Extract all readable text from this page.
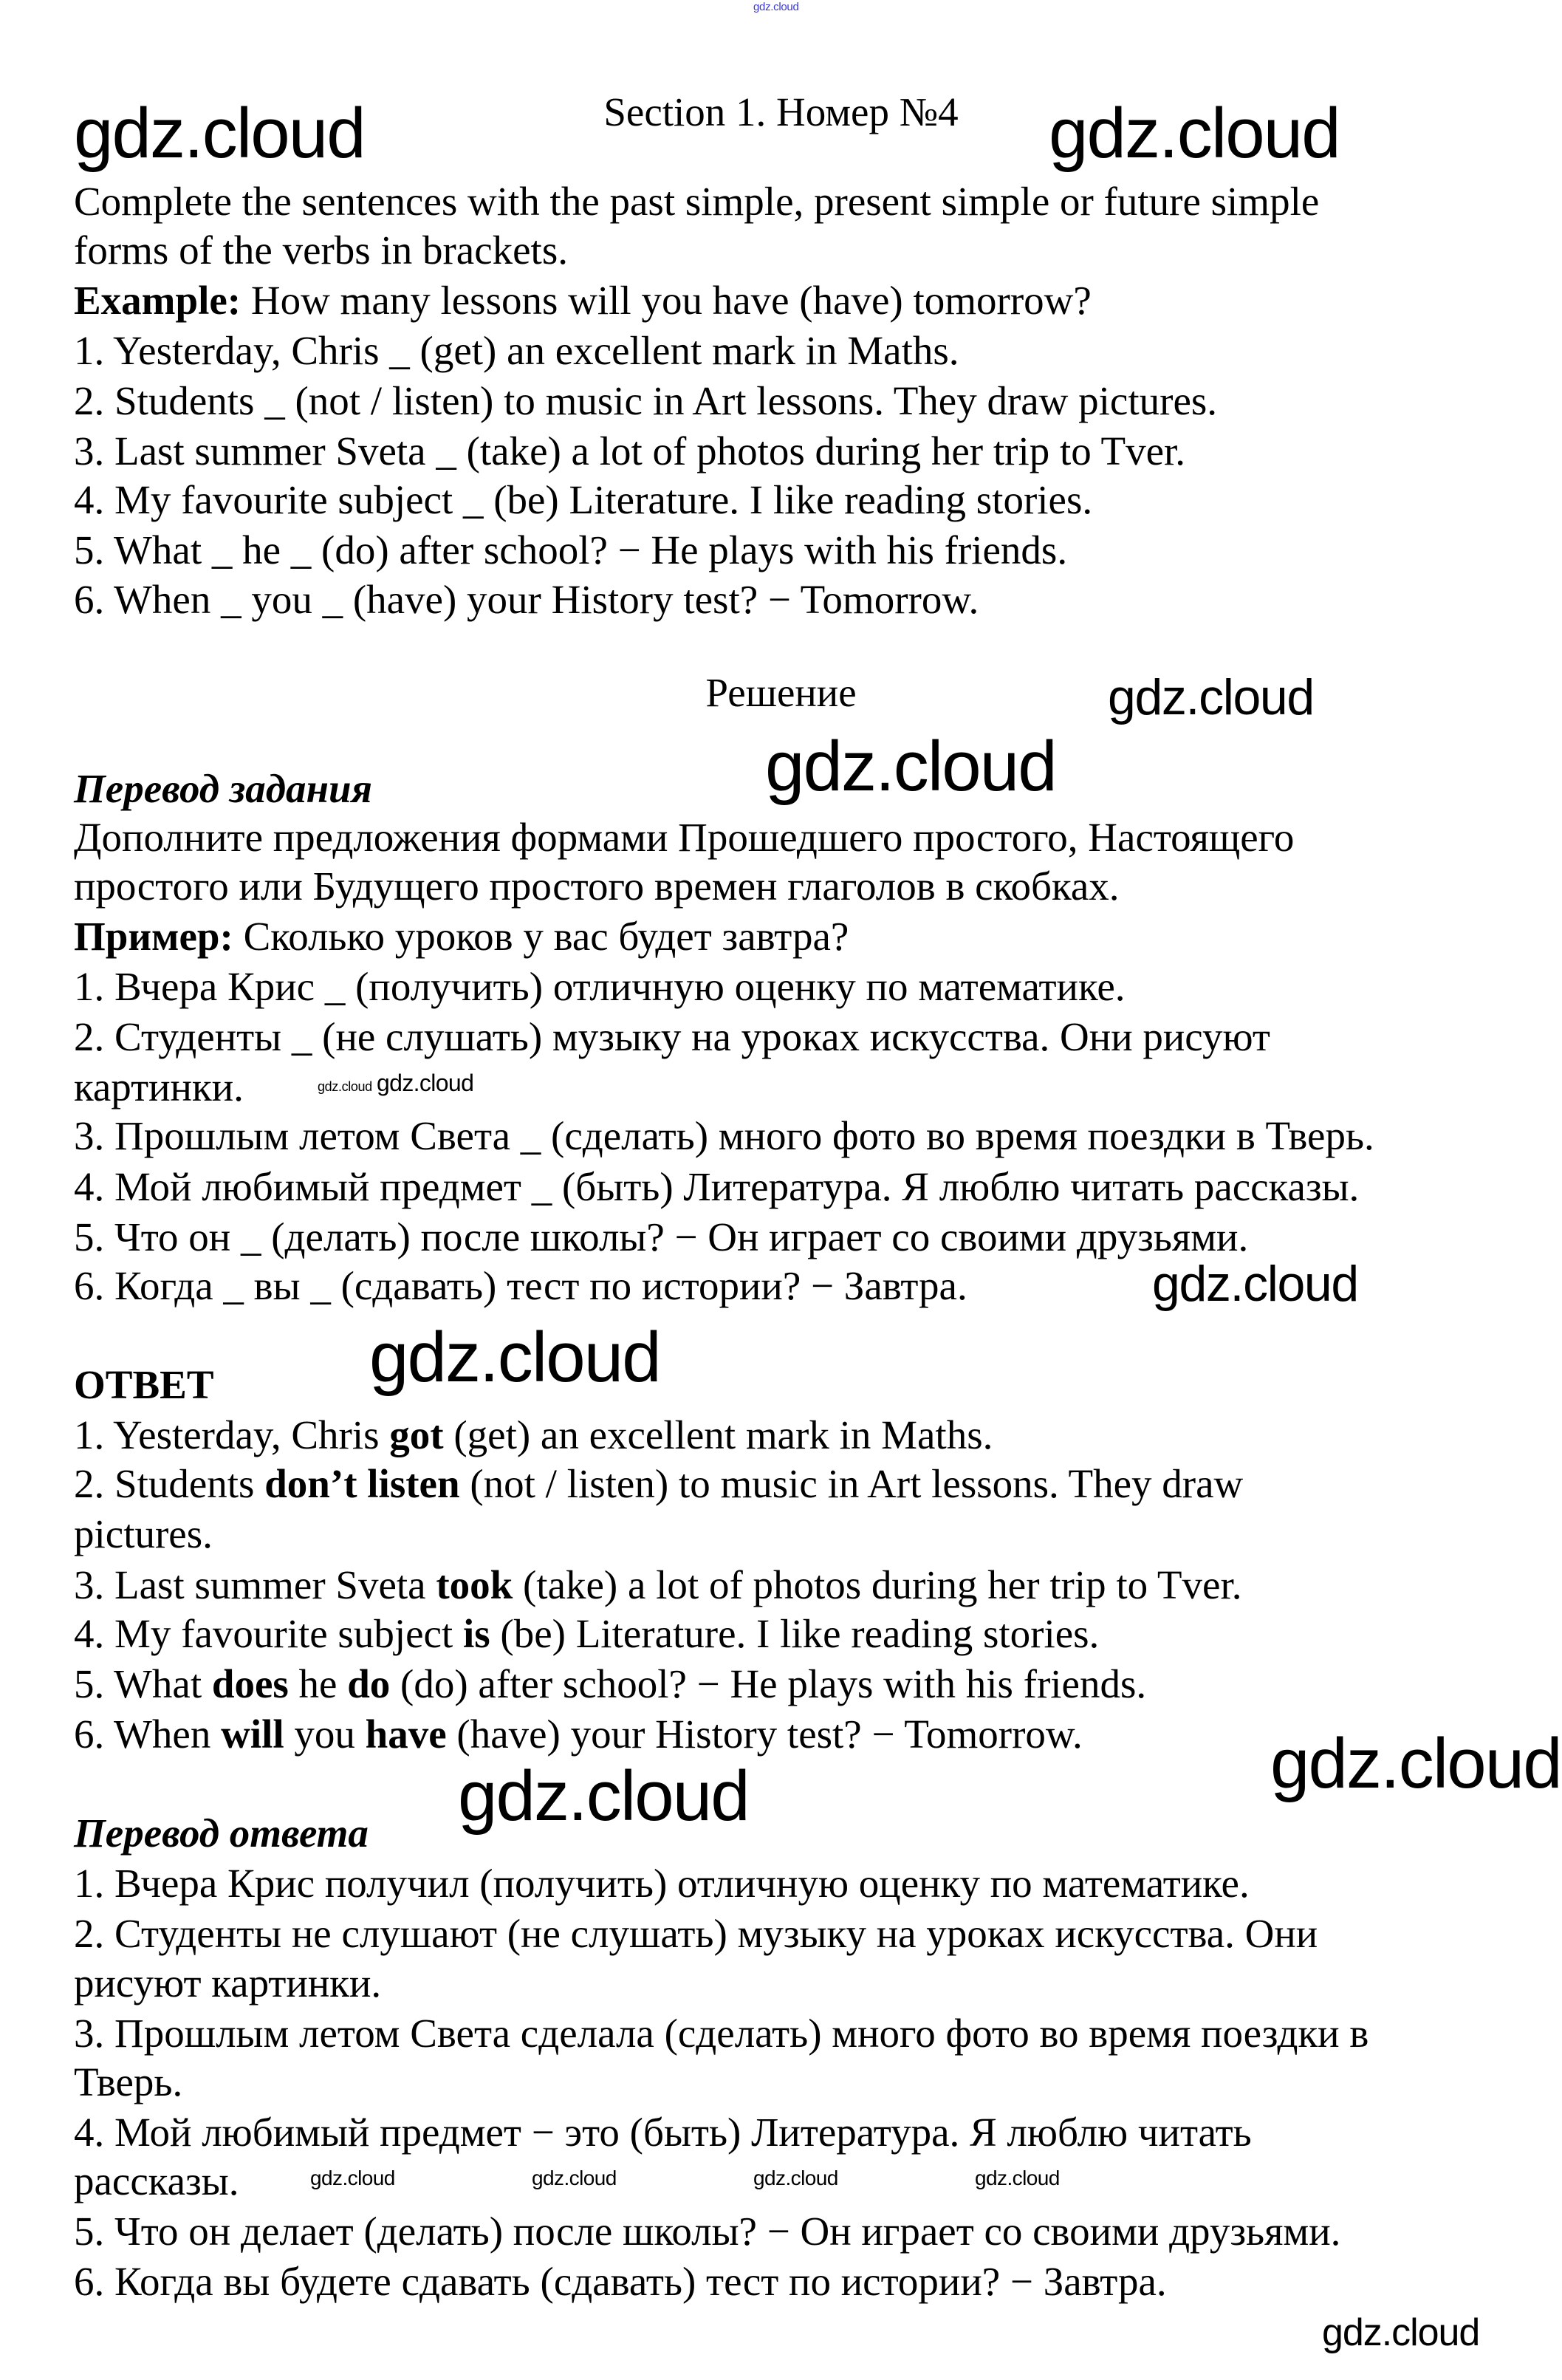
gdz.cloud
Section 1. Номер №4
Complete the sentences with the past simple, present simple or future simple
forms of the verbs in brackets.
Example: How many lessons will you have (have) tomorrow?
1. Yesterday, Chris _ (get) an excellent mark in Maths.
2. Students _ (not / listen) to music in Art lessons. They draw pictures.
3. Last summer Sveta _ (take) a lot of photos during her trip to Tver.
4. My favourite subject _ (be) Literature. I like reading stories.
5. What _ he _ (do) after school? − He plays with his friends.
6. When _ you _ (have) your History test? − Tomorrow.
Решение
Перевод задания
Дополните предложения формами Прошедшего простого, Настоящего
простого или Будущего простого времен глаголов в скобках.
Пример: Сколько уроков у вас будет завтра?
1. Вчера Крис _ (получить) отличную оценку по математике.
2. Студенты _ (не слушать) музыку на уроках искусства. Они рисуют
картинки.
3. Прошлым летом Света _ (сделать) много фото во время поездки в Тверь.
4. Мой любимый предмет _ (быть) Литература. Я люблю читать рассказы.
5. Что он _ (делать) после школы? − Он играет со своими друзьями.
6. Когда _ вы _ (сдавать) тест по истории? − Завтра.
ОТВЕТ
1. Yesterday, Chris got (get) an excellent mark in Maths.
2. Students don’t listen (not / listen) to music in Art lessons. They draw
pictures.
3. Last summer Sveta took (take) a lot of photos during her trip to Tver.
4. My favourite subject is (be) Literature. I like reading stories.
5. What does he do (do) after school? − He plays with his friends.
6. When will you have (have) your History test? − Tomorrow.
Перевод ответа
1. Вчера Крис получил (получить) отличную оценку по математике.
2. Студенты не слушают (не слушать) музыку на уроках искусства. Они
рисуют картинки.
3. Прошлым летом Света сделала (сделать) много фото во время поездки в
Тверь.
4. Мой любимый предмет − это (быть) Литература. Я люблю читать
рассказы.
5. Что он делает (делать) после школы? − Он играет со своими друзьями.
6. Когда вы будете сдавать (сдавать) тест по истории? − Завтра.
gdz.cloud	gdz.cloud
gdz.cloud
gdz.cloud
gdz.cloud gdz.cloud
gdz.cloud
gdz.cloud
gdz.cloud	gdz.cloud
gdz.cloud	gdz.cloud	gdz.cloud	gdz.cloud
gdz.cloud
